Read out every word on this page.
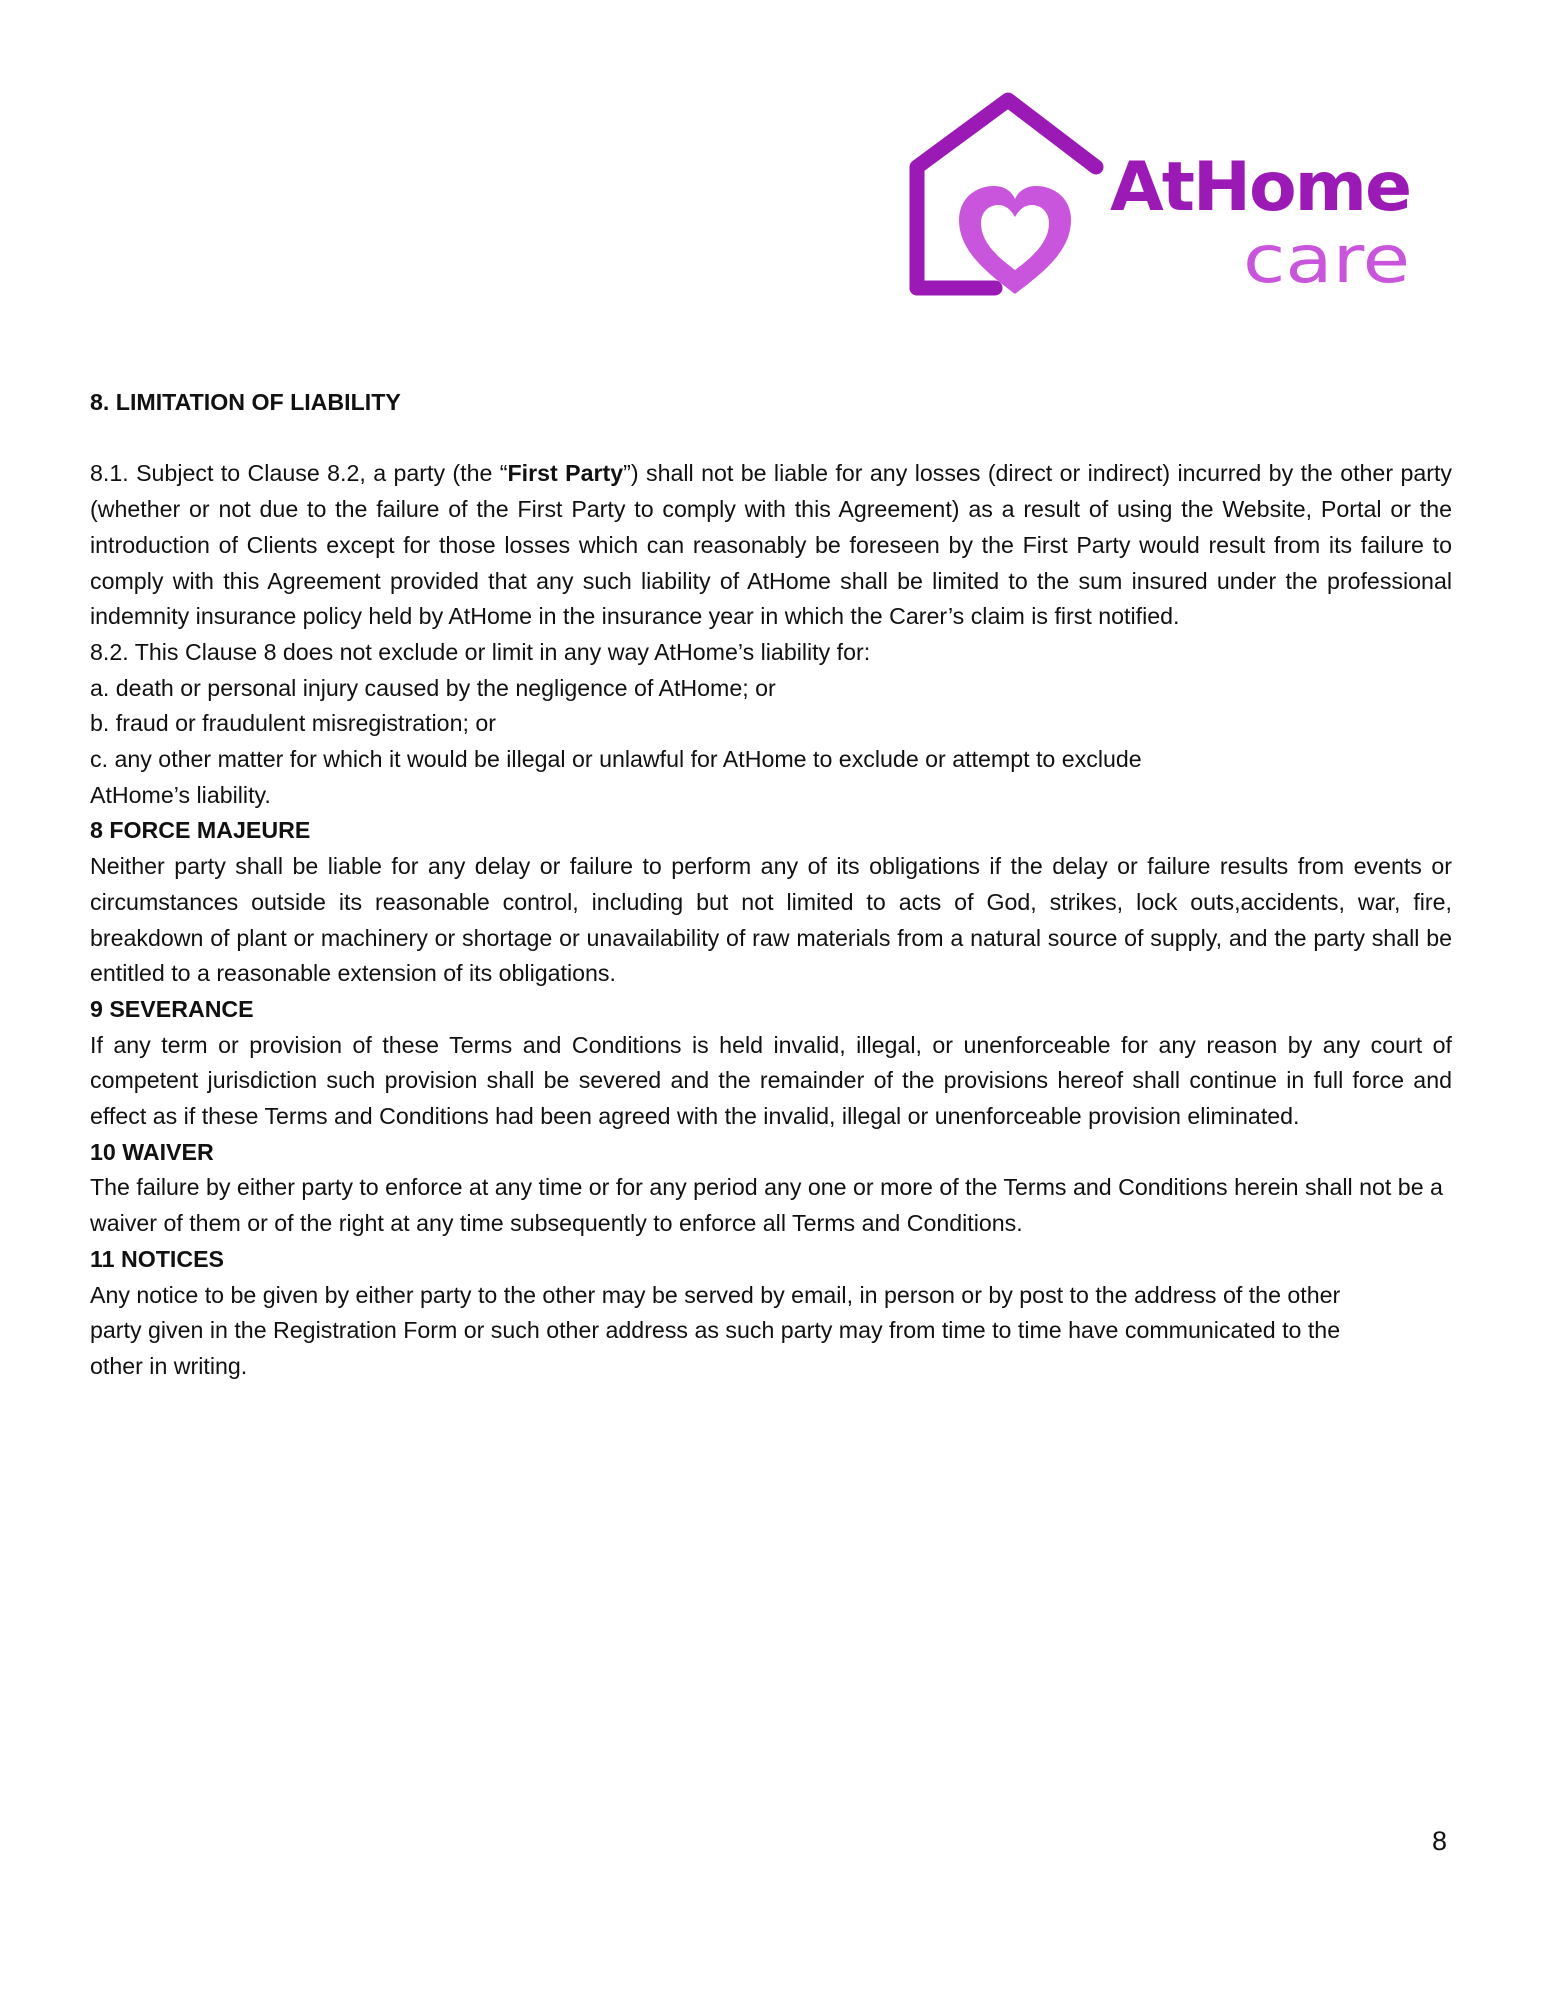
AtHome
care

8. LIMITATION OF LIABILITY

8.1. Subject to Clause 8.2, a party (the “First Party”) shall not be liable for any losses (direct or indirect) incurred by the other party (whether or not due to the failure of the First Party to comply with this Agreement) as a result of using the Website, Portal or the introduction of Clients except for those losses which can reasonably be foreseen by the First Party would result from its failure to comply with this Agreement provided that any such liability of AtHome shall be limited to the sum insured under the professional indemnity insurance policy held by AtHome in the insurance year in which the Carer’s claim is first notified.

8.2. This Clause 8 does not exclude or limit in any way AtHome’s liability for:

a. death or personal injury caused by the negligence of AtHome; or

b. fraud or fraudulent misregistration; or

c. any other matter for which it would be illegal or unlawful for AtHome to exclude or attempt to exclude AtHome’s liability.

8 FORCE MAJEURE

Neither party shall be liable for any delay or failure to perform any of its obligations if the delay or failure results from events or circumstances outside its reasonable control, including but not limited to acts of God, strikes, lock outs,accidents, war, fire, breakdown of plant or machinery or shortage or unavailability of raw materials from a natural source of supply, and the party shall be entitled to a reasonable extension of its obligations.

9 SEVERANCE

If any term or provision of these Terms and Conditions is held invalid, illegal, or unenforceable for any reason by any court of competent jurisdiction such provision shall be severed and the remainder of the provisions hereof shall continue in full force and effect as if these Terms and Conditions had been agreed with the invalid, illegal or unenforceable provision eliminated.

10 WAIVER

The failure by either party to enforce at any time or for any period any one or more of the Terms and Conditions herein shall not be a waiver of them or of the right at any time subsequently to enforce all Terms and Conditions.

11 NOTICES

Any notice to be given by either party to the other may be served by email, in person or by post to the address of the other party given in the Registration Form or such other address as such party may from time to time have communicated to the other in writing.

8
